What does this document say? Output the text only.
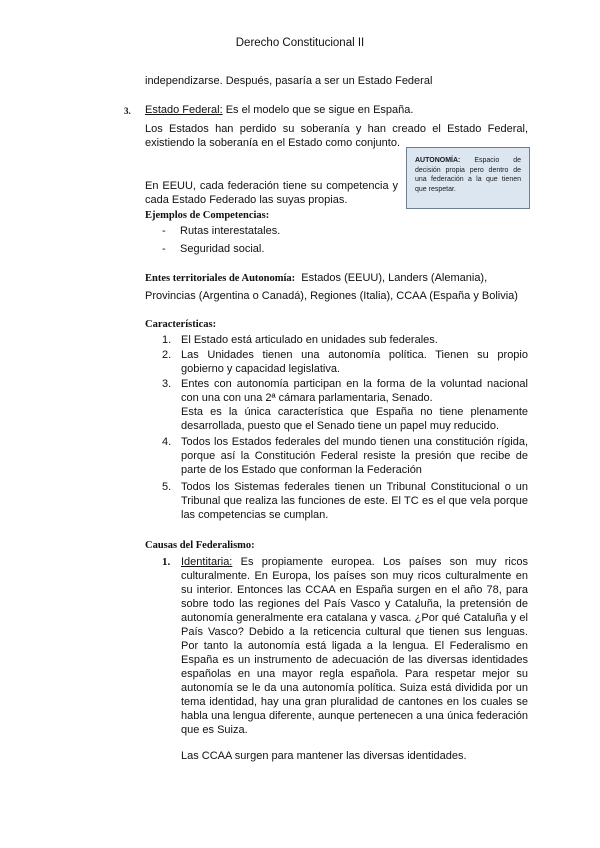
Derecho Constitucional II
independizarse. Después, pasaría a ser un Estado Federal
3. Estado Federal: Es el modelo que se sigue en España.
Los Estados han perdido su soberanía y han creado el Estado Federal, existiendo la soberanía en el Estado como conjunto.
AUTONOMÍA: Espacio de decisión propia pero dentro de una federación a la que tienen que respetar.
En EEUU, cada federación tiene su competencia y cada Estado Federado las suyas propias.
Ejemplos de Competencias:
- Rutas interestatales.
- Seguridad social.
Entes territoriales de Autonomía:  Estados (EEUU), Landers (Alemania),
Provincias (Argentina o Canadá), Regiones (Italia), CCAA (España y Bolivia)
Características:
1. El Estado está articulado en unidades sub federales.
2. Las Unidades tienen una autonomía política. Tienen su propio gobierno y capacidad legislativa.
3. Entes con autonomía participan en la forma de la voluntad nacional con una con una 2ª cámara parlamentaria, Senado.
Esta es la única característica que España no tiene plenamente desarrollada, puesto que el Senado tiene un papel muy reducido.
4. Todos los Estados federales del mundo tienen una constitución rígida, porque así la Constitución Federal resiste la presión que recibe de parte de los Estado que conforman la Federación
5. Todos los Sistemas federales tienen un Tribunal Constitucional o un Tribunal que realiza las funciones de este. El TC es el que vela porque las competencias se cumplan.
Causas del Federalismo:
1. Identitaria: Es propiamente europea. Los países son muy ricos culturalmente. En Europa, los países son muy ricos culturalmente en su interior. Entonces las CCAA en España surgen en el año 78, para sobre todo las regiones del País Vasco y Cataluña, la pretensión de autonomía generalmente era catalana y vasca. ¿Por qué Cataluña y el País Vasco? Debido a la reticencia cultural que tienen sus lenguas. Por tanto la autonomía está ligada a la lengua. El Federalismo en España es un instrumento de adecuación de las diversas identidades españolas en una mayor regla española. Para respetar mejor su autonomía se le da una autonomía política. Suiza está dividida por un tema identidad, hay una gran pluralidad de cantones en los cuales se habla una lengua diferente, aunque pertenecen a una única federación que es Suiza.
Las CCAA surgen para mantener las diversas identidades.
